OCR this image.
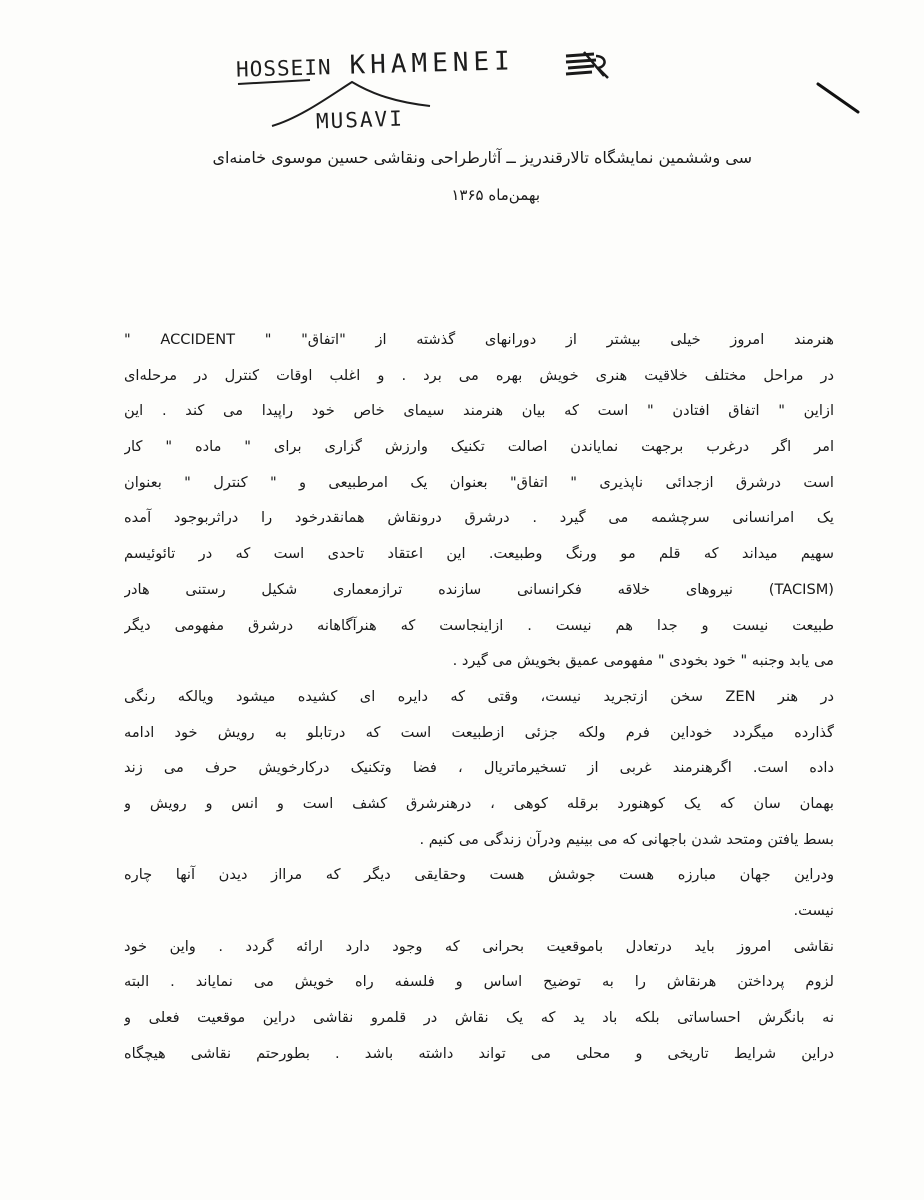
HOSSEIN KHAMENEI
MUSAVI
سی وششمین نمایشگاه تالارقندریز ــ آثارطراحی ونقاشی حسین موسوی خامنه‌ای
بهمن‌ماه ۱۳۶۵
هنرمند امروز خیلی بیشتر از دورانهای گذشته از "اتفاق" " ACCIDENT "
در مراحل مختلف خلاقیت هنری خویش بهره می برد . و اغلب اوقات کنترل در مرحله‌ای
ازاین " اتفاق افتادن " است که بیان هنرمند سیمای خاص خود راپیدا می کند . این
امر اگر درغرب برجهت نمایاندن اصالت تکنیک وارزش گزاری برای " ماده " کار
است درشرق ازجدائی ناپذیری " اتفاق" بعنوان یک امرطبیعی و " کنترل " بعنوان
یک امرانسانی سرچشمه می گیرد . درشرق درونقاش همانقدرخود را دراثربوجود آمده
سهیم میداند که قلم مو ورنگ وطبیعت. این اعتقاد تاحدی است که در تائوئیسم
(TACISM) نیروهای خلاقه فکرانسانی سازنده ترازمعماری شکیل رستنی هادر
طبیعت نیست و جدا هم نیست . ازاینجاست که هنرآگاهانه درشرق مفهومی دیگر
می یابد وجنبه " خود بخودی " مفهومی عمیق بخویش می گیرد .
در هنر ZEN سخن ازتجرید نیست، وقتی که دایره ای کشیده میشود ویالکه رنگی
گذارده میگردد خوداین فرم ولکه جزئی ازطبیعت است که درتابلو به رویش خود ادامه
داده است. اگرهنرمند غربی از تسخیرماتریال ، فضا وتکنیک درکارخویش حرف می زند
بهمان سان که یک کوهنورد برقله کوهی ، درهنرشرق کشف است و انس و رویش و
بسط یافتن ومتحد شدن باجهانی که می بینیم ودرآن زندگی می کنیم .
ودراین جهان مبارزه هست جوشش هست وحقایقی دیگر که مرااز دیدن آنها چاره
نیست.
نقاشی امروز باید درتعادل باموقعیت بحرانی که وجود دارد ارائه گردد . واین خود
لزوم پرداختن هرنقاش را به توضیح اساس و فلسفه راه خویش می نمایاند . البته
نه بانگرش احساساتی بلکه باد ید که یک نقاش در قلمرو نقاشی دراین موقعیت فعلی و
دراین شرایط تاریخی و محلی می تواند داشته باشد . بطورحتم نقاشی هیچگاه
